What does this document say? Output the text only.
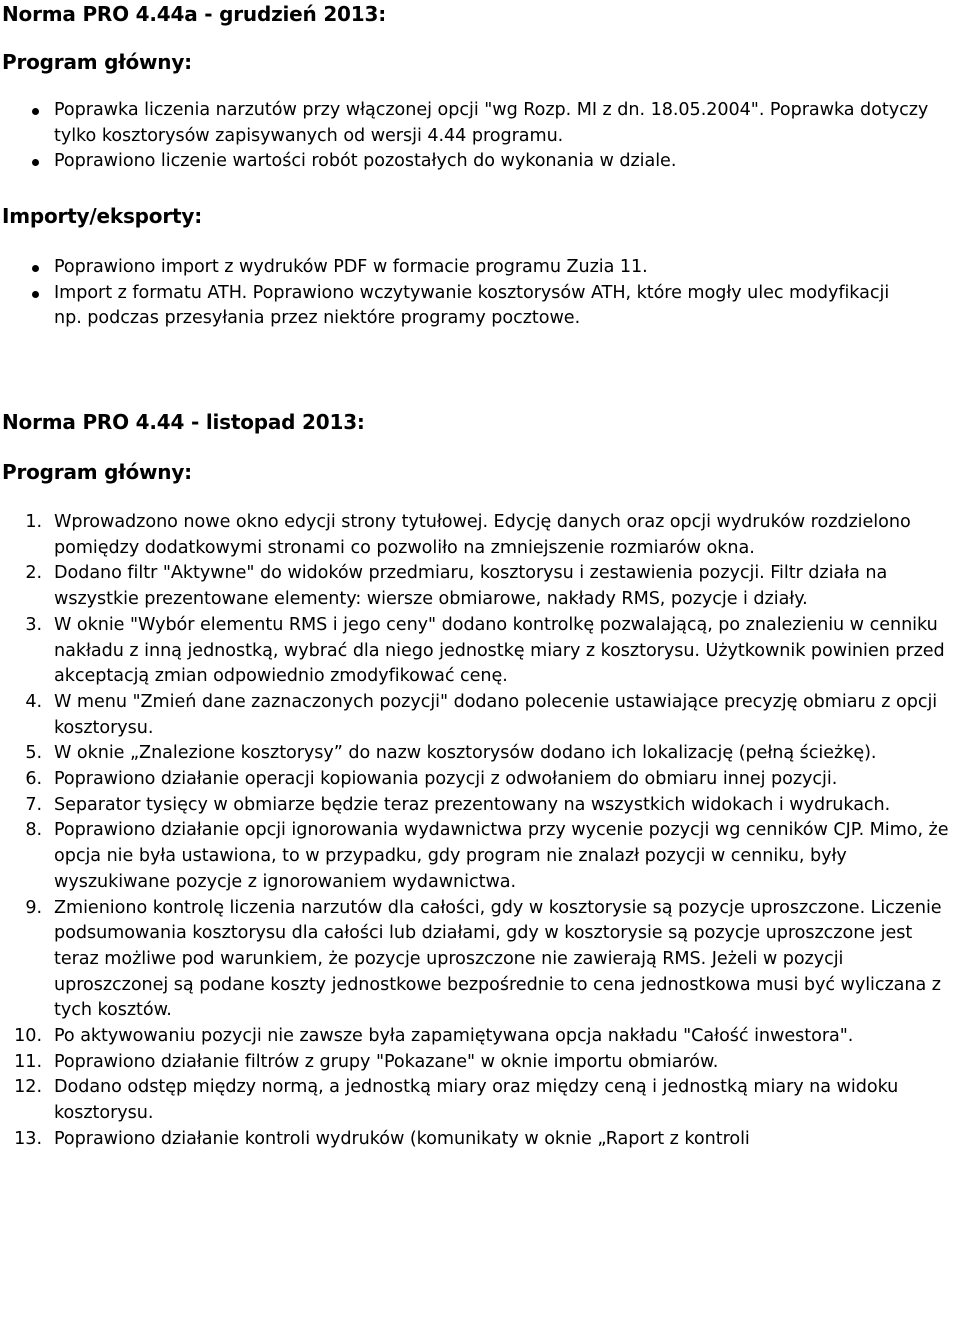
Norma PRO 4.44a - grudzień 2013:
Program główny:
Poprawka liczenia narzutów przy włączonej opcji "wg Rozp. MI z dn. 18.05.2004". Poprawka dotyczy tylko kosztorysów zapisywanych od wersji 4.44 programu.
Poprawiono liczenie wartości robót pozostałych do wykonania w dziale.
Importy/eksporty:
Poprawiono import z wydruków PDF w formacie programu Zuzia 11.
Import z formatu ATH. Poprawiono wczytywanie kosztorysów ATH, które mogły ulec modyfikacji np. podczas przesyłania przez niektóre programy pocztowe.
Norma PRO 4.44 - listopad 2013:
Program główny:
1. Wprowadzono nowe okno edycji strony tytułowej. Edycję danych oraz opcji wydruków rozdzielono pomiędzy dodatkowymi stronami co pozwoliło na zmniejszenie rozmiarów okna.
2. Dodano filtr "Aktywne" do widoków przedmiaru, kosztorysu i zestawienia pozycji. Filtr działa na wszystkie prezentowane elementy: wiersze obmiarowe, nakłady RMS, pozycje i działy.
3. W oknie "Wybór elementu RMS i jego ceny" dodano kontrolkę pozwalającą, po znalezieniu w cenniku nakładu z inną jednostką, wybrać dla niego jednostkę miary z kosztorysu. Użytkownik powinien przed akceptacją zmian odpowiednio zmodyfikować cenę.
4. W menu "Zmień dane zaznaczonych pozycji" dodano polecenie ustawiające precyzję obmiaru z opcji kosztorysu.
5. W oknie „Znalezione kosztorysy” do nazw kosztorysów dodano ich lokalizację (pełną ścieżkę).
6. Poprawiono działanie operacji kopiowania pozycji z odwołaniem do obmiaru innej pozycji.
7. Separator tysięcy w obmiarze będzie teraz prezentowany na wszystkich widokach i wydrukach.
8. Poprawiono działanie opcji ignorowania wydawnictwa przy wycenie pozycji wg cenników CJP. Mimo, że opcja nie była ustawiona, to w przypadku, gdy program nie znalazł pozycji w cenniku, były wyszukiwane pozycje z ignorowaniem wydawnictwa.
9. Zmieniono kontrolę liczenia narzutów dla całości, gdy w kosztorysie są pozycje uproszczone. Liczenie podsumowania kosztorysu dla całości lub działami, gdy w kosztorysie są pozycje uproszczone jest teraz możliwe pod warunkiem, że pozycje uproszczone nie zawierają RMS. Jeżeli w pozycji uproszczonej są podane koszty jednostkowe bezpośrednie to cena jednostkowa musi być wyliczana z tych kosztów.
10. Po aktywowaniu pozycji nie zawsze była zapamiętywana opcja nakładu "Całość inwestora".
11. Poprawiono działanie filtrów z grupy "Pokazane" w oknie importu obmiarów.
12. Dodano odstęp między normą, a jednostką miary oraz między ceną i jednostką miary na widoku kosztorysu.
13. Poprawiono działanie kontroli wydruków (komunikaty w oknie „Raport z kontroli
